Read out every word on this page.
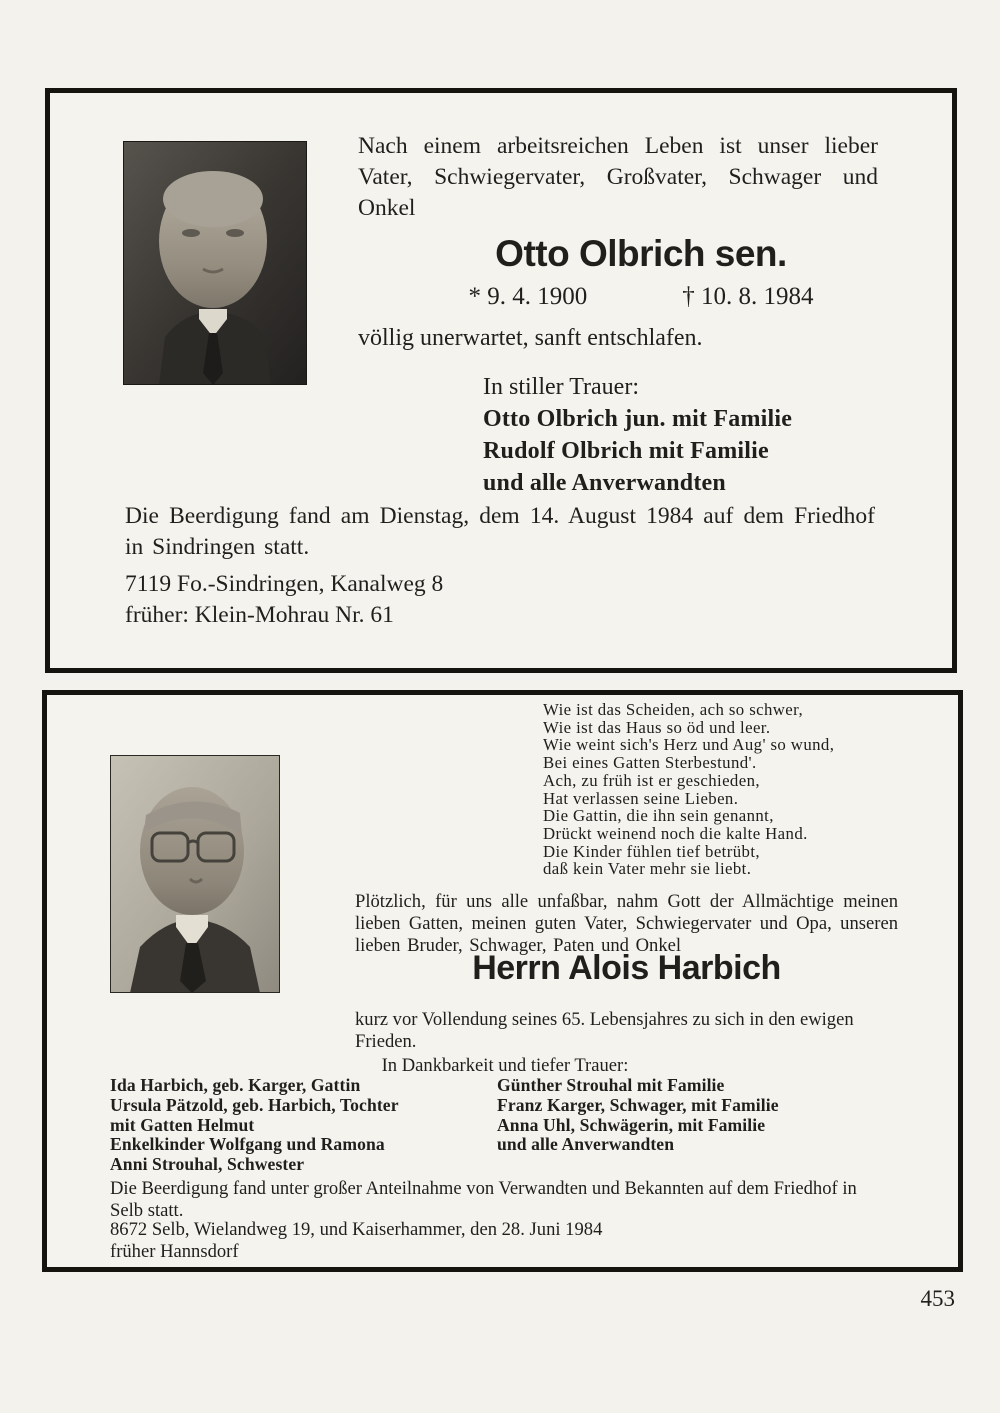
Nach einem arbeitsreichen Leben ist unser lieber Vater, Schwiegervater, Großvater, Schwager und Onkel

Otto Olbrich sen.
* 9. 4. 1900	† 10. 8. 1984

völlig unerwartet, sanft entschlafen.

In stiller Trauer:
Otto Olbrich jun. mit Familie
Rudolf Olbrich mit Familie
und alle Anverwandten

Die Beerdigung fand am Dienstag, dem 14. August 1984 auf dem Friedhof in Sindringen statt.

7119 Fo.-Sindringen, Kanalweg 8

früher: Klein-Mohrau Nr. 61

Wie ist das Scheiden, ach so schwer,
Wie ist das Haus so öd und leer.
Wie weint sich's Herz und Aug' so wund,
Bei eines Gatten Sterbestund'.
Ach, zu früh ist er geschieden,
Hat verlassen seine Lieben.
Die Gattin, die ihn sein genannt,
Drückt weinend noch die kalte Hand.
Die Kinder fühlen tief betrübt,
daß kein Vater mehr sie liebt.

Plötzlich, für uns alle unfaßbar, nahm Gott der Allmächtige meinen lieben Gatten, meinen guten Vater, Schwiegervater und Opa, unseren lieben Bruder, Schwager, Paten und Onkel

Herrn Alois Harbich

kurz vor Vollendung seines 65. Lebensjahres zu sich in den ewigen Frieden.

In Dankbarkeit und tiefer Trauer:
Ida Harbich, geb. Karger, Gattin
Ursula Pätzold, geb. Harbich, Tochter
mit Gatten Helmut
Enkelkinder Wolfgang und Ramona
Anni Strouhal, Schwester
Günther Strouhal mit Familie
Franz Karger, Schwager, mit Familie
Anna Uhl, Schwägerin, mit Familie
und alle Anverwandten

Die Beerdigung fand unter großer Anteilnahme von Verwandten und Bekannten auf dem Friedhof in Selb statt.

8672 Selb, Wielandweg 19, und Kaiserhammer, den 28. Juni 1984

früher Hannsdorf

453
